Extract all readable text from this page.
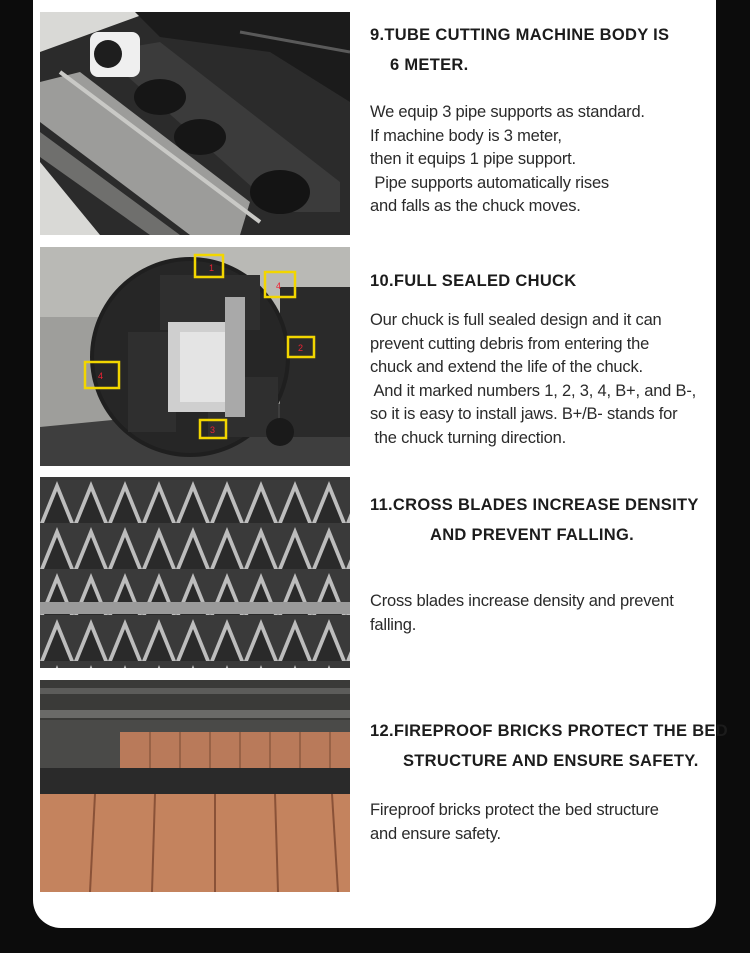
9.TUBE CUTTING MACHINE BODY IS
6 METER.
We equip 3 pipe supports as standard.
If machine body is 3 meter,
then it equips 1 pipe support.
Pipe supports automatically rises
and falls as the chuck moves.
1
4
2
4
3
10.FULL SEALED CHUCK
Our chuck is full sealed design and it can
prevent cutting debris from entering the
chuck and extend the life of the chuck.
And it marked numbers 1, 2, 3, 4, B+, and B-,
so it is easy to install jaws. B+/B- stands for
the chuck turning direction.
11.CROSS BLADES INCREASE DENSITY
AND PREVENT FALLING.
Cross blades increase density and prevent
falling.
12.FIREPROOF BRICKS PROTECT THE BED
STRUCTURE AND ENSURE SAFETY.
Fireproof bricks protect the bed structure
and ensure safety.
